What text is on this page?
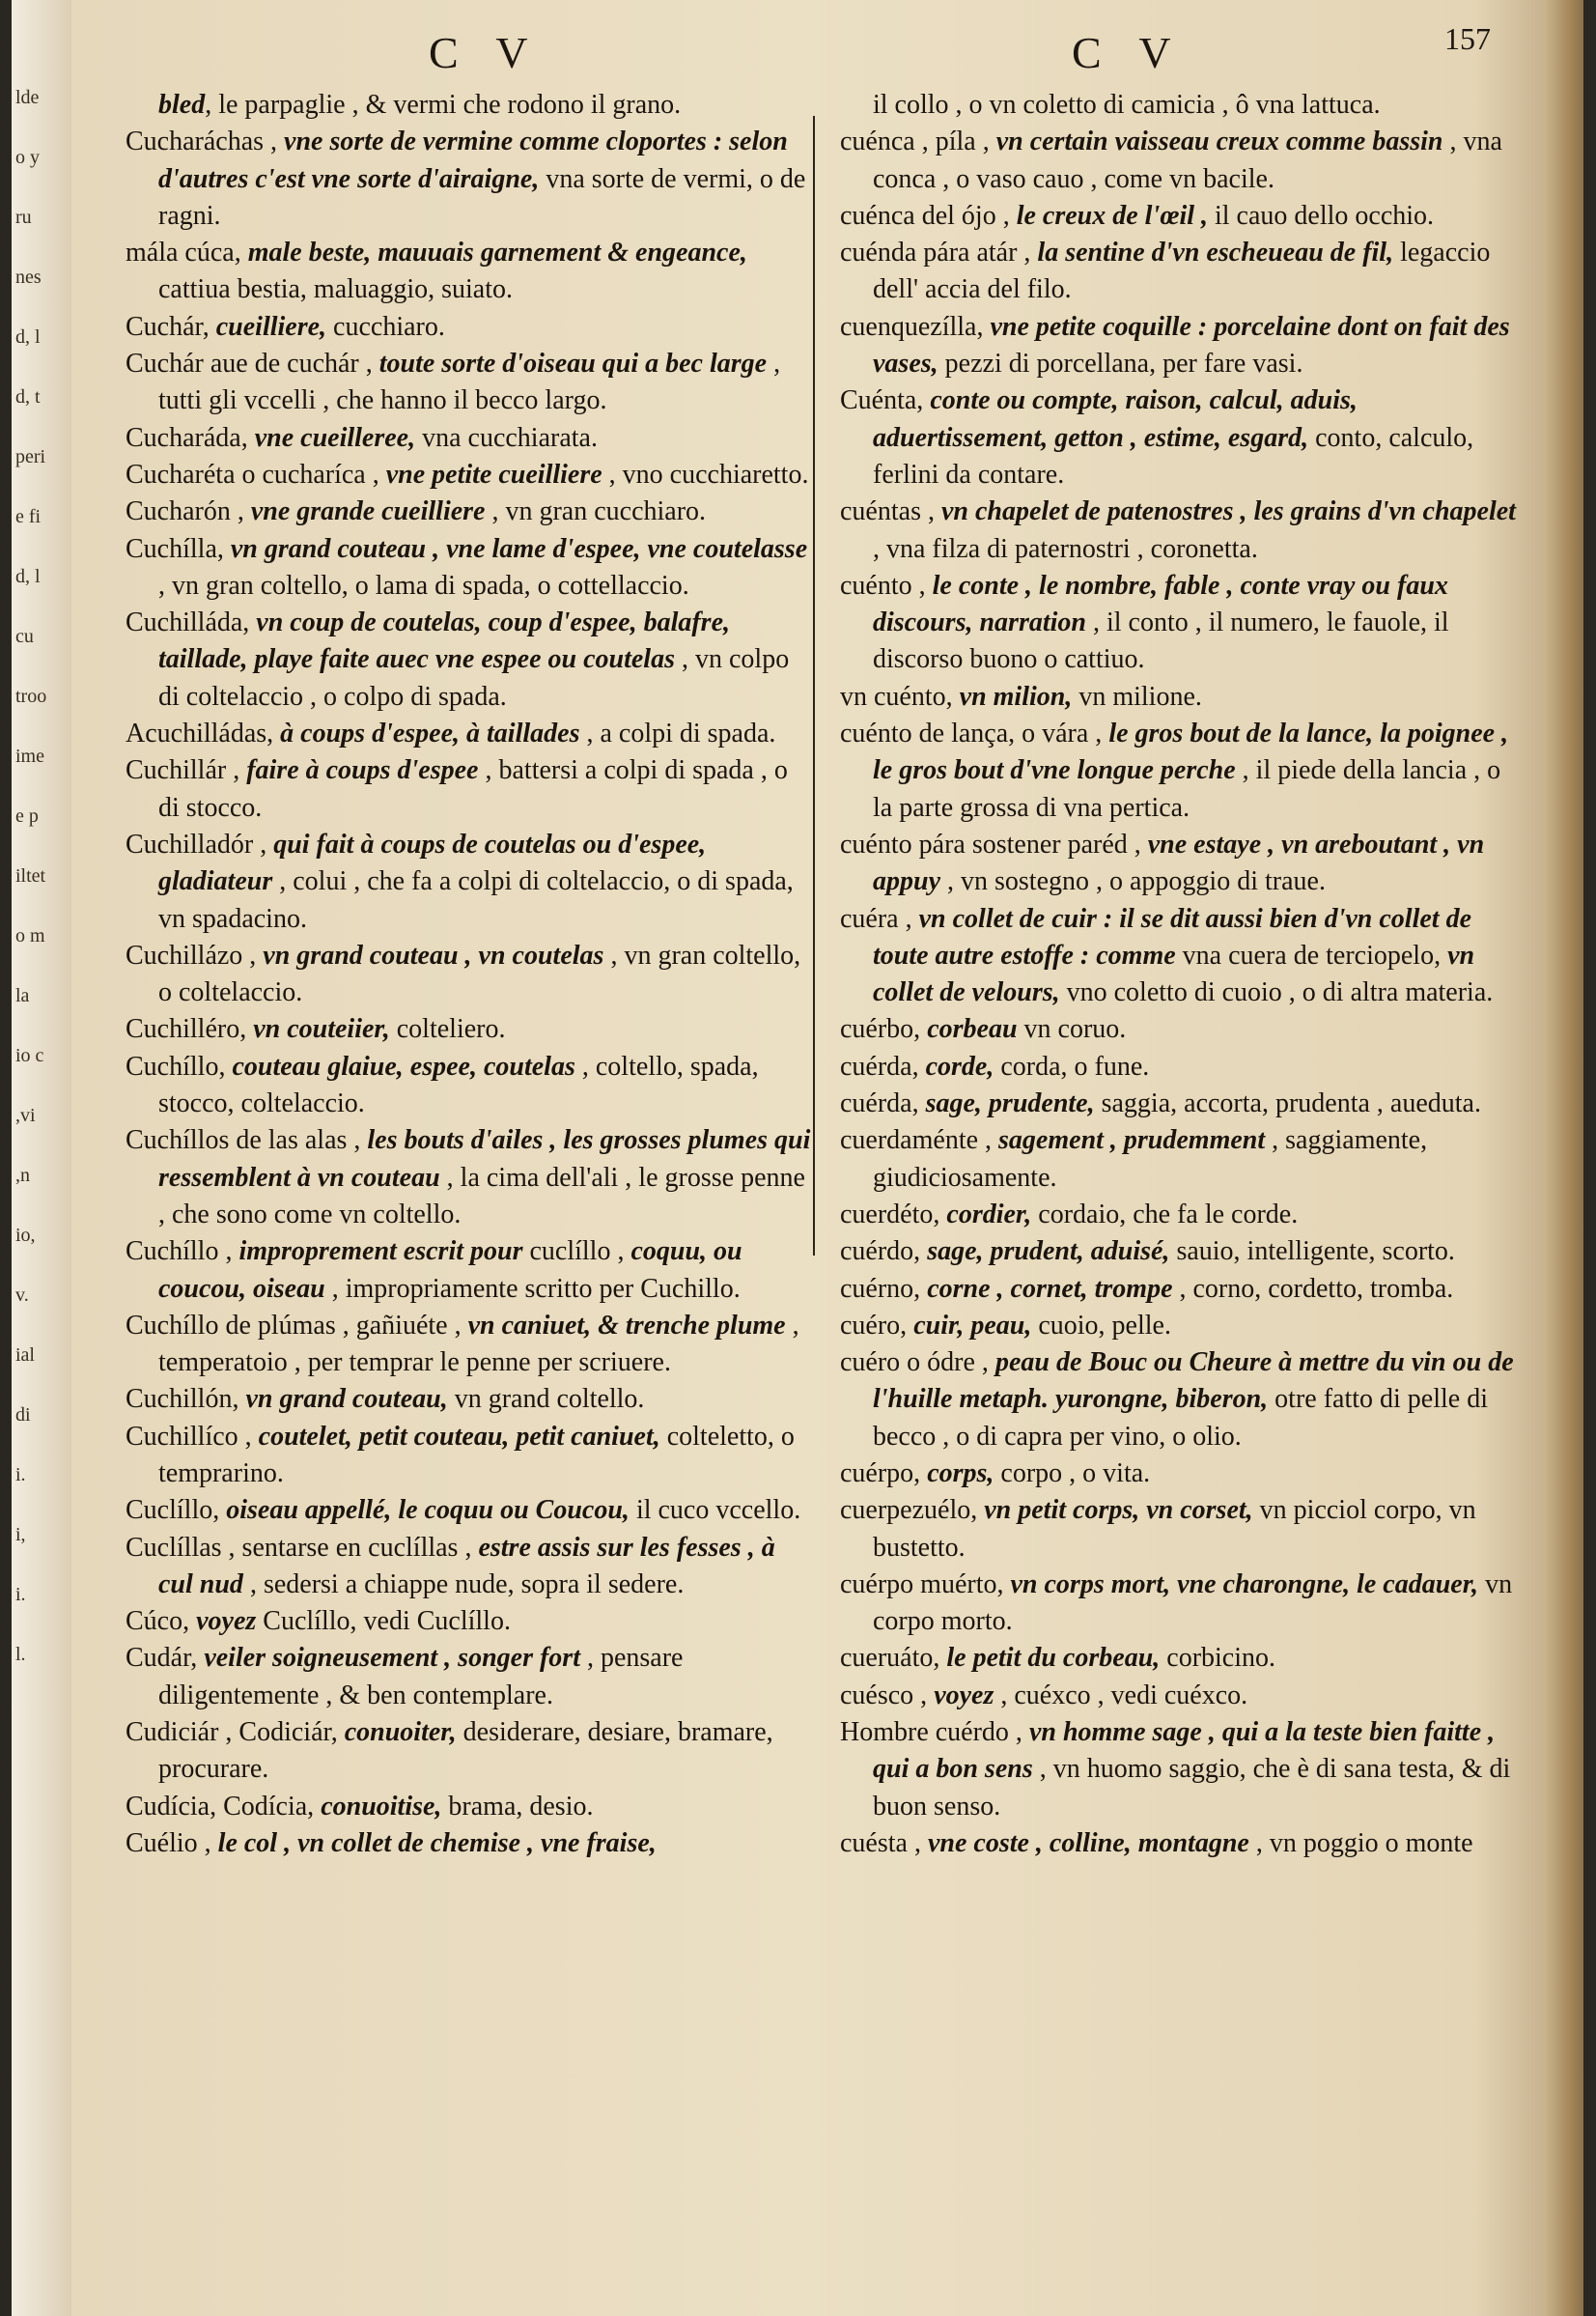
lde
o y
ru
nes
d, l
d, t
peri
e fi
d, l
cu
troo
ime
e p
iltet
o m
la
io c
,vi
,n
io,
v.
ial
di
i.
i,
i.
l.
C V	C V	157

bled, le parpaglie , & vermi che rodono il grano.

Cucharáchas , vne sorte de vermine comme cloportes : selon d'autres c'est vne sorte d'airaigne, vna sorte de vermi, o de ragni.

mála cúca, male beste, mauuais garnement & engeance, cattiua bestia, maluaggio, suiato.

Cuchár, cueilliere, cucchiaro.

Cuchár aue de cuchár , toute sorte d'oiseau qui a bec large , tutti gli vccelli , che hanno il becco largo.

Cucharáda, vne cueilleree, vna cucchiarata.

Cucharéta o cucharíca , vne petite cueilliere , vno cucchiaretto.

Cucharón , vne grande cueilliere , vn gran cucchiaro.

Cuchílla, vn grand couteau , vne lame d'espee, vne coutelasse , vn gran coltello, o lama di spada, o cottellaccio.

Cuchilláda, vn coup de coutelas, coup d'espee, balafre, taillade, playe faite auec vne espee ou coutelas , vn colpo di coltelaccio , o colpo di spada.

Acuchilládas, à coups d'espee, à taillades , a colpi di spada.

Cuchillár , faire à coups d'espee , battersi a colpi di spada , o di stocco.

Cuchilladór , qui fait à coups de coutelas ou d'espee, gladiateur , colui , che fa a colpi di coltelaccio, o di spada, vn spadacino.

Cuchillázo , vn grand couteau , vn coutelas , vn gran coltello, o coltelaccio.

Cuchilléro, vn couteiier, colteliero.

Cuchíllo, couteau glaiue, espee, coutelas , coltello, spada, stocco, coltelaccio.

Cuchíllos de las alas , les bouts d'ailes , les grosses plumes qui ressemblent à vn couteau , la cima dell'ali , le grosse penne , che sono come vn coltello.

Cuchíllo , improprement escrit pour cuclíllo , coquu, ou coucou, oiseau , impropriamente scritto per Cuchillo.

Cuchíllo de plúmas , gañiuéte , vn caniuet, & trenche plume , temperatoio , per temprar le penne per scriuere.

Cuchillón, vn grand couteau, vn grand coltello.

Cuchillíco , coutelet, petit couteau, petit caniuet, colteletto, o temprarino.

Cuclíllo, oiseau appellé, le coquu ou Coucou, il cuco vccello.

Cuclíllas , sentarse en cuclíllas , estre assis sur les fesses , à cul nud , sedersi a chiappe nude, sopra il sedere.

Cúco, voyez Cuclíllo, vedi Cuclíllo.

Cudár, veiler soigneusement , songer fort , pensare diligentemente , & ben contemplare.

Cudiciár , Codiciár, conuoiter, desiderare, desiare, bramare, procurare.

Cudícia, Codícia, conuoitise, brama, desio.

Cuélio , le col , vn collet de chemise , vne fraise,

il collo , o vn coletto di camicia , ô vna lattuca.

cuénca , píla , vn certain vaisseau creux comme bassin , vna conca , o vaso cauo , come vn bacile.

cuénca del ójo , le creux de l'œil , il cauo dello occhio.

cuénda pára atár , la sentine d'vn escheueau de fil, legaccio dell' accia del filo.

cuenquezílla, vne petite coquille : porcelaine dont on fait des vases, pezzi di porcellana, per fare vasi.

Cuénta, conte ou compte, raison, calcul, aduis, aduertissement, getton , estime, esgard, conto, calculo, ferlini da contare.

cuéntas , vn chapelet de patenostres , les grains d'vn chapelet , vna filza di paternostri , coronetta.

cuénto , le conte , le nombre, fable , conte vray ou faux discours, narration , il conto , il numero, le fauole, il discorso buono o cattiuo.

vn cuénto, vn milion, vn milione.

cuénto de lança, o vára , le gros bout de la lance, la poignee , le gros bout d'vne longue perche , il piede della lancia , o la parte grossa di vna pertica.

cuénto pára sostener paréd , vne estaye , vn areboutant , vn appuy , vn sostegno , o appoggio di traue.

cuéra , vn collet de cuir : il se dit aussi bien d'vn collet de toute autre estoffe : comme vna cuera de terciopelo, vn collet de velours, vno coletto di cuoio , o di altra materia.

cuérbo, corbeau vn coruo.

cuérda, corde, corda, o fune.

cuérda, sage, prudente, saggia, accorta, prudenta , aueduta.

cuerdaménte , sagement , prudemment , saggiamente, giudiciosamente.

cuerdéto, cordier, cordaio, che fa le corde.

cuérdo, sage, prudent, aduisé, sauio, intelligente, scorto.

cuérno, corne , cornet, trompe , corno, cordetto, tromba.

cuéro, cuir, peau, cuoio, pelle.

cuéro o ódre , peau de Bouc ou Cheure à mettre du vin ou de l'huille metaph. yurongne, biberon, otre fatto di pelle di becco , o di capra per vino, o olio.

cuérpo, corps, corpo , o vita.

cuerpezuélo, vn petit corps, vn corset, vn picciol corpo, vn bustetto.

cuérpo muérto, vn corps mort, vne charongne, le cadauer, vn corpo morto.

cueruáto, le petit du corbeau, corbicino.

cuésco , voyez , cuéxco , vedi cuéxco.

Hombre cuérdo , vn homme sage , qui a la teste bien faitte , qui a bon sens , vn huomo saggio, che è di sana testa, & di buon senso.

cuésta , vne coste , colline, montagne , vn poggio o monte
